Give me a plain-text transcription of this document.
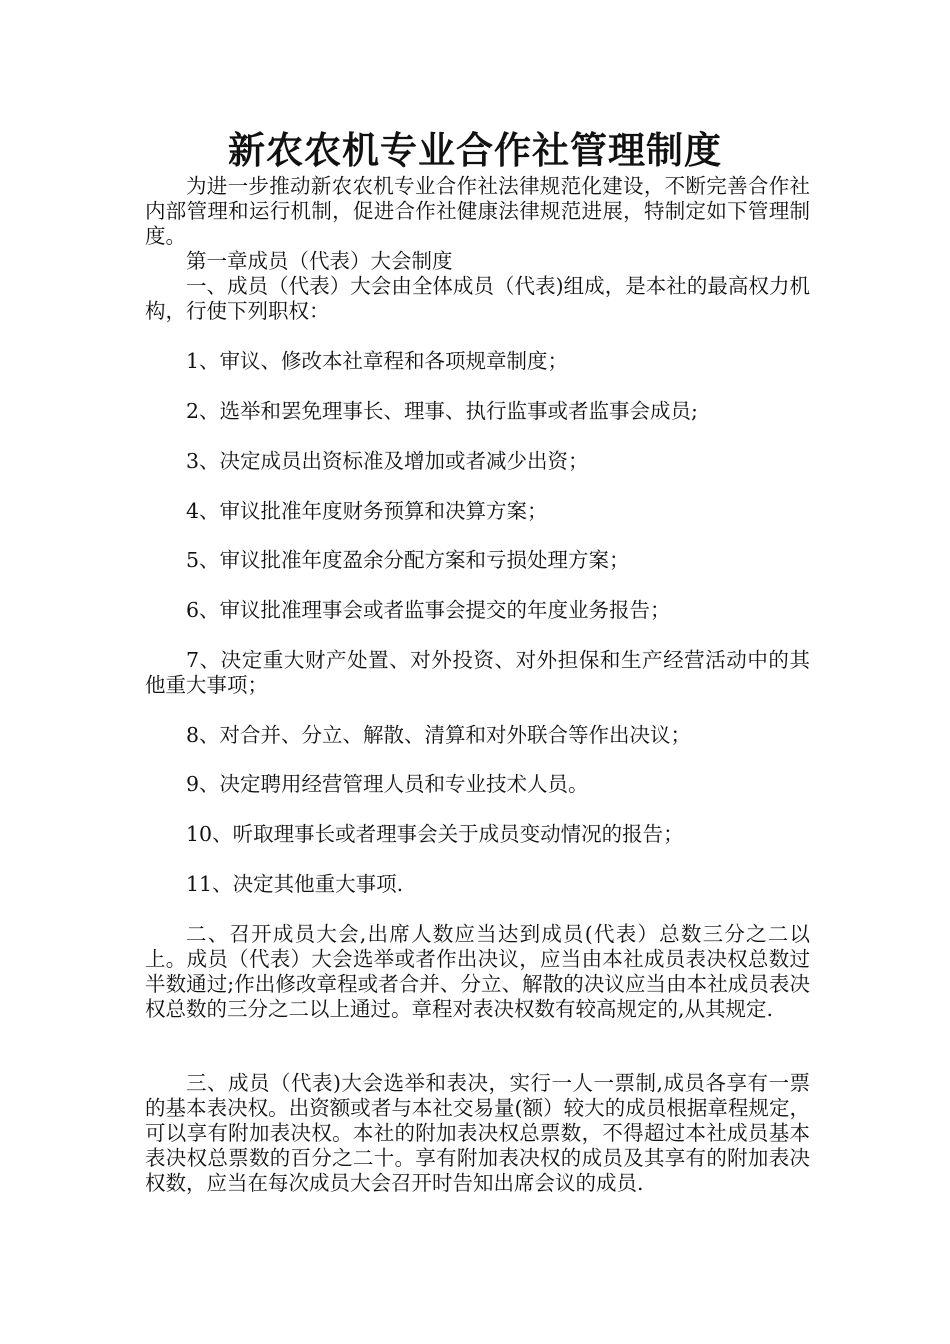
新农农机专业合作社管理制度

为进一步推动新农农机专业合作社法律规范化建设，不断完善合作社内部管理和运行机制，促进合作社健康法律规范进展，特制定如下管理制度。

第一章成员（代表）大会制度

一、成员（代表）大会由全体成员（代表)组成，是本社的最高权力机构，行使下列职权：

1、审议、修改本社章程和各项规章制度；

2、选举和罢免理事长、理事、执行监事或者监事会成员;

3、决定成员出资标准及增加或者减少出资；

4、审议批准年度财务预算和决算方案；

5、审议批准年度盈余分配方案和亏损处理方案；

6、审议批准理事会或者监事会提交的年度业务报告；

7、决定重大财产处置、对外投资、对外担保和生产经营活动中的其他重大事项；

8、对合并、分立、解散、清算和对外联合等作出决议；

9、决定聘用经营管理人员和专业技术人员。

10、听取理事长或者理事会关于成员变动情况的报告；

11、决定其他重大事项.

二、召开成员大会,出席人数应当达到成员(代表）总数三分之二以上。成员（代表）大会选举或者作出决议，应当由本社成员表决权总数过半数通过;作出修改章程或者合并、分立、解散的决议应当由本社成员表决权总数的三分之二以上通过。章程对表决权数有较高规定的,从其规定.

三、成员（代表)大会选举和表决，实行一人一票制,成员各享有一票的基本表决权。出资额或者与本社交易量(额）较大的成员根据章程规定，可以享有附加表决权。本社的附加表决权总票数，不得超过本社成员基本表决权总票数的百分之二十。享有附加表决权的成员及其享有的附加表决权数，应当在每次成员大会召开时告知出席会议的成员.
